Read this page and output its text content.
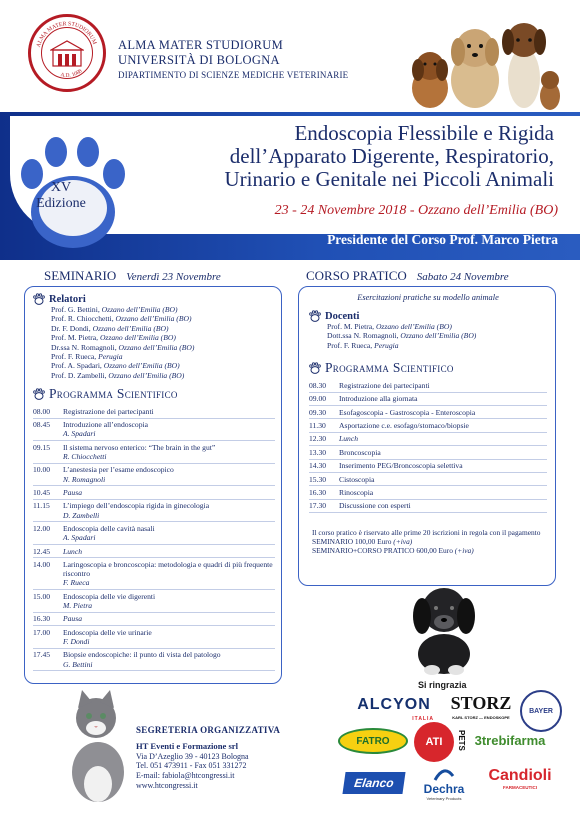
ALMA MATER STUDIORUM
A.D. 1088
ALMA MATER STUDIORUM
UNIVERSITÀ DI BOLOGNA
DIPARTIMENTO DI SCIENZE MEDICHE VETERINARIE
XV
Edizione
Endoscopia Flessibile e Rigida
dell’Apparato Digerente, Respiratorio,
Urinario e Genitale nei Piccoli Animali
23 - 24 Novembre 2018 - Ozzano dell’Emilia (BO)
Presidente del Corso Prof. Marco Pietra
SEMINARIO Venerdì 23 Novembre	CORSO PRATICO Sabato 24 Novembre
Relatori
Prof. G. Bettini, Ozzano dell’Emilia (BO)
Prof. R. Chiocchetti, Ozzano dell’Emilia (BO)
Dr. F. Dondi, Ozzano dell’Emilia (BO)
Prof. M. Pietra, Ozzano dell’Emilia (BO)
Dr.ssa N. Romagnoli, Ozzano dell’Emilia (BO)
Prof. F. Rueca, Perugia
Prof. A. Spadari, Ozzano dell’Emilia (BO)
Prof. D. Zambelli, Ozzano dell’Emilia (BO)
Programma Scientifico
08.00	Registrazione dei partecipanti
08.45	Introduzione all’endoscopia
A. Spadari
09.15	Il sistema nervoso enterico: “The brain in the gut”
R. Chiocchetti
10.00	L’anestesia per l’esame endoscopico
N. Romagnoli
10.45	Pausa
11.15	L’impiego dell’endoscopia rigida in ginecologia
D. Zambelli
12.00	Endoscopia delle cavità nasali
A. Spadari
12.45	Lunch
14.00	Laringoscopia e broncoscopia: metodologia e quadri di più frequente riscontro
F. Rueca
15.00	Endoscopia delle vie digerenti
M. Pietra
16.30	Pausa
17.00	Endoscopia delle vie urinarie
F. Dondi
17.45	Biopsie endoscopiche: il punto di vista del patologo
G. Bettini
Esercitazioni pratiche su modello animale
Docenti
Prof. M. Pietra, Ozzano dell’Emilia (BO)
Dott.ssa N. Romagnoli, Ozzano dell’Emilia (BO)
Prof. F. Rueca, Perugia
Programma Scientifico
08.30	Registrazione dei partecipanti
09.00	Introduzione alla giornata
09.30	Esofagoscopia - Gastroscopia - Enteroscopia
11.30	Asportazione c.e. esofago/stomaco/biopsie
12.30	Lunch
13.30	Broncoscopia
14.30	Inserimento PEG/Broncoscopia selettiva
15.30	Cistoscopia
16.30	Rinoscopia
17.30	Discussione con esperti
Il corso pratico è riservato alle prime 20 iscrizioni in regola con il pagamento
SEMINARIO 100,00 Euro (+iva)
SEMINARIO+CORSO PRATICO 600,00 Euro (+iva)
SEGRETERIA ORGANIZZATIVA
HT Eventi e Formazione srl
Via D’Azeglio 39 - 40123 Bologna
Tel. 051 473911 - Fax 051 331272
E-mail: fabiola@htcongressi.it
www.htcongressi.it
Si ringrazia
ALCYON
ITALIA
STORZ
KARL STORZ — ENDOSKOPE
BAYER
FATRO	ATI PETS 3trebifarma
Elanco	Dechra
Veterinary Products
Candioli
FARMACEUTICI
